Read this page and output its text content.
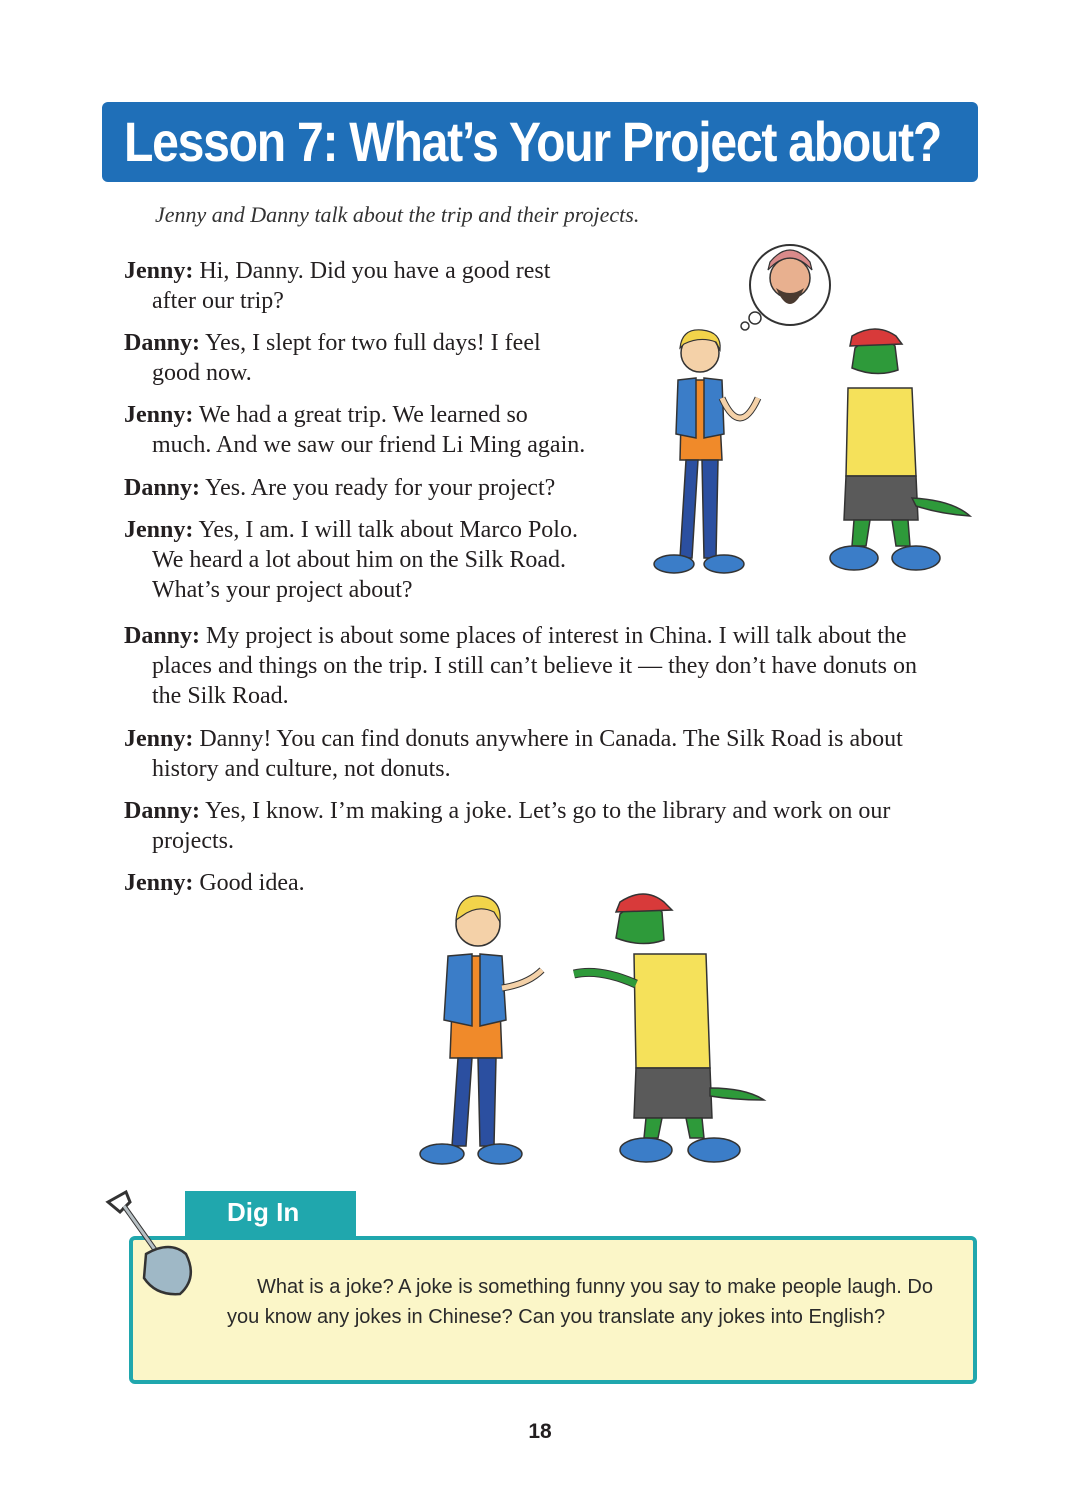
Lesson 7: What’s Your Project about?
Jenny and Danny talk about the trip and their projects.
Jenny: Hi, Danny. Did you have a good rest
after our trip?
Danny: Yes, I slept for two full days! I feel
good now.
Jenny: We had a great trip. We learned so
much. And we saw our friend Li Ming again.
Danny: Yes. Are you ready for your project?
Jenny: Yes, I am. I will talk about Marco Polo.
We heard a lot about him on the Silk Road.
What’s your project about?
Danny: My project is about some places of interest in China. I will talk about the
places and things on the trip. I still can’t believe it — they don’t have donuts on
the Silk Road.
Jenny: Danny! You can find donuts anywhere in Canada. The Silk Road is about
history and culture, not donuts.
Danny: Yes, I know. I’m making a joke. Let’s go to the library and work on our
projects.
Jenny: Good idea.
Dig In
What is a joke? A joke is something funny you say to make people laugh. Do you know any jokes in Chinese? Can you translate any jokes into English?
18
